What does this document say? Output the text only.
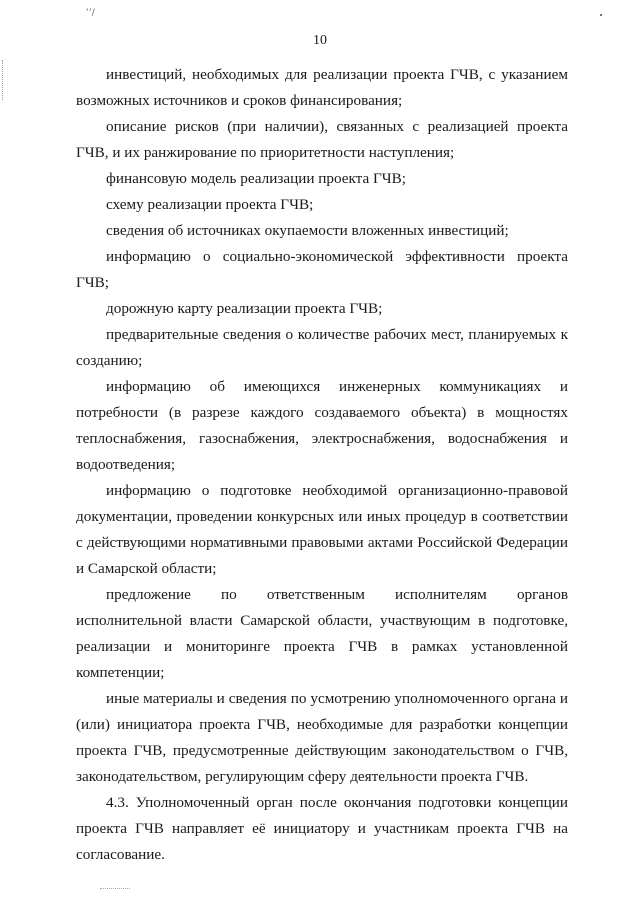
ʻʼ/
10

инвестиций, необходимых для реализации проекта ГЧВ, с указанием возможных источников и сроков финансирования;

описание рисков (при наличии), связанных с реализацией проекта ГЧВ, и их ранжирование по приоритетности наступления;

финансовую модель реализации проекта ГЧВ;

схему реализации проекта ГЧВ;

сведения об источниках окупаемости вложенных инвестиций;

информацию о социально-экономической эффективности проекта ГЧВ;

дорожную карту реализации проекта ГЧВ;

предварительные сведения о количестве рабочих мест, планируемых к созданию;

информацию об имеющихся инженерных коммуникациях и потребности (в разрезе каждого создаваемого объекта) в мощностях теплоснабжения, газоснабжения, электроснабжения, водоснабжения и водоотведения;

информацию о подготовке необходимой организационно-правовой документации, проведении конкурсных или иных процедур в соответствии с действующими нормативными правовыми актами Российской Федерации и Самарской области;

предложение по ответственным исполнителям органов исполнительной власти Самарской области, участвующим в подготовке, реализации и мониторинге проекта ГЧВ в рамках установленной компетенции;

иные материалы и сведения по усмотрению уполномоченного органа и (или) инициатора проекта ГЧВ, необходимые для разработки концепции проекта ГЧВ, предусмотренные действующим законодательством о ГЧВ, законодательством, регулирующим сферу деятельности проекта ГЧВ.

4.3. Уполномоченный орган после окончания подготовки концепции проекта ГЧВ направляет её инициатору и участникам проекта ГЧВ на согласование.
